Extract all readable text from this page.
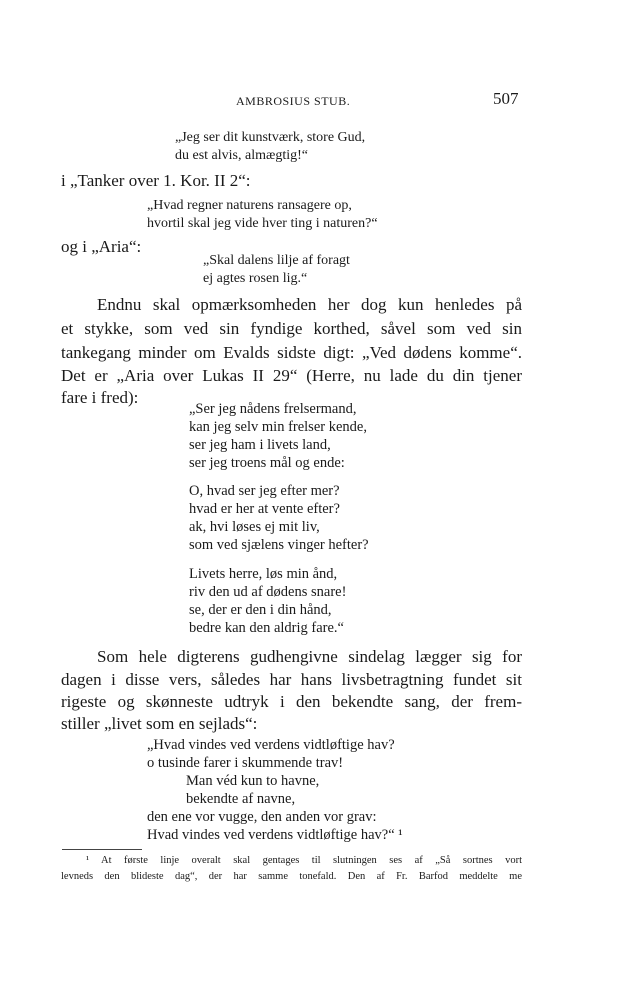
AMBROSIUS STUB.	507
„Jeg ser dit kunstværk, store Gud,
du est alvis, almægtig!“
i „Tanker over 1. Kor. II 2“:
„Hvad regner naturens ransagere op,
hvortil skal jeg vide hver ting i naturen?“
og i „Aria“:
„Skal dalens lilje af foragt
ej agtes rosen lig.“
Endnu skal opmærksomheden her dog kun henledes på
et stykke, som ved sin fyndige korthed, såvel som ved sin
tankegang minder om Evalds sidste digt: „Ved dødens komme“.
Det er „Aria over Lukas II 29“ (Herre, nu lade du din tjener
fare i fred):
„Ser jeg nådens frelsermand,
kan jeg selv min frelser kende,
ser jeg ham i livets land,
ser jeg troens mål og ende:
O, hvad ser jeg efter mer?
hvad er her at vente efter?
ak, hvi løses ej mit liv,
som ved sjælens vinger hefter?
Livets herre, løs min ånd,
riv den ud af dødens snare!
se, der er den i din hånd,
bedre kan den aldrig fare.“
Som hele digterens gudhengivne sindelag lægger sig for
dagen i disse vers, således har hans livsbetragtning fundet sit
rigeste og skønneste udtryk i den bekendte sang, der frem-
stiller „livet som en sejlads“:
„Hvad vindes ved verdens vidtløftige hav?
o tusinde farer i skummende trav!
Man véd kun to havne,
bekendte af navne,
den ene vor vugge, den anden vor grav:
Hvad vindes ved verdens vidtløftige hav?“ ¹
¹ At første linje overalt skal gentages til slutningen ses af „Så sortnes vort
levneds den blideste dag“, der har samme tonefald. Den af Fr. Barfod meddelte me
